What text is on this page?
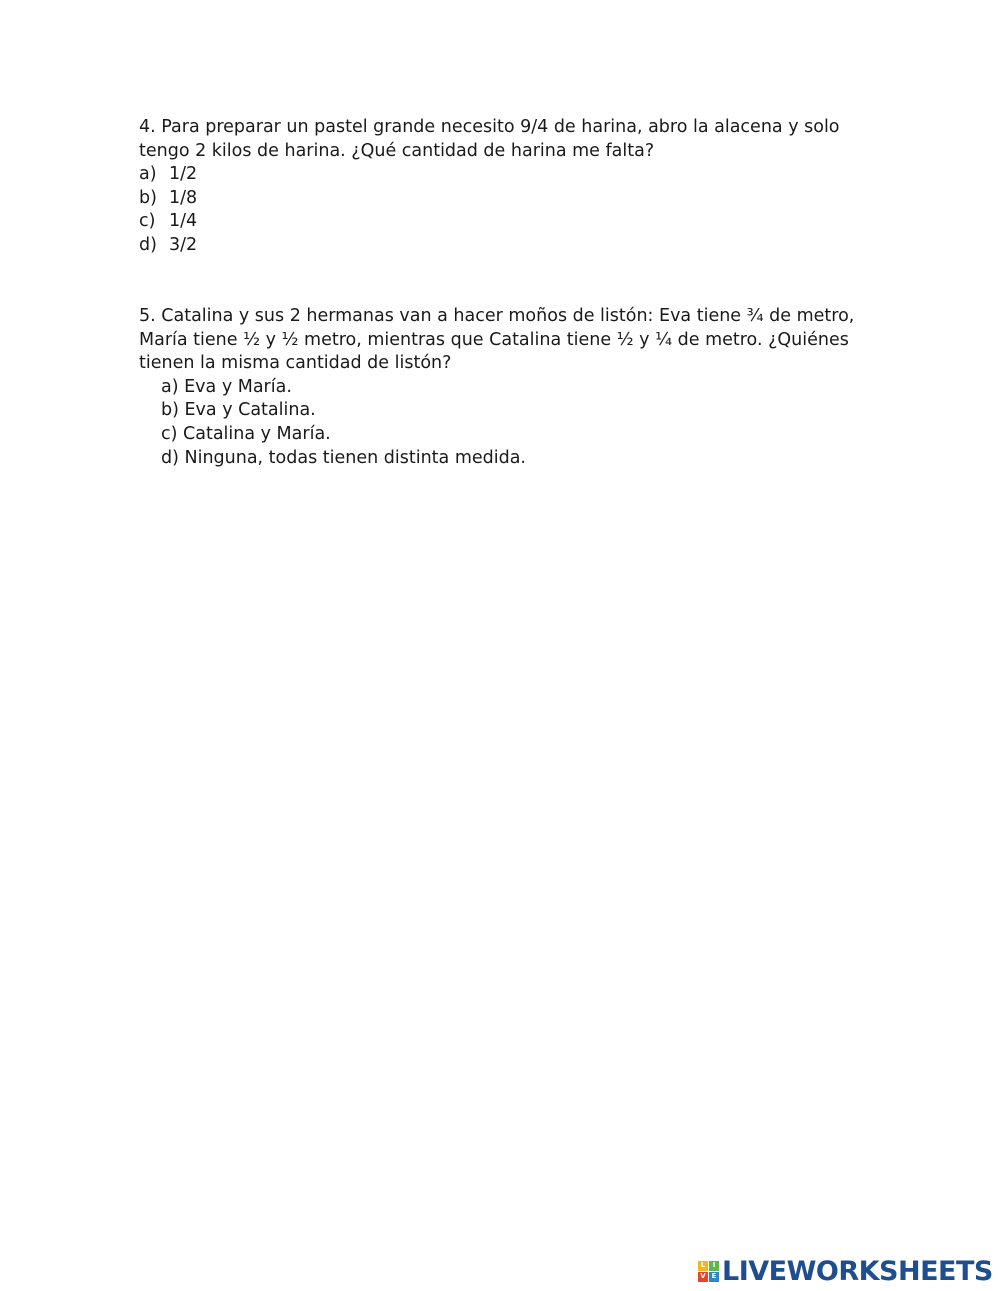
4. Para preparar un pastel grande necesito 9/4 de harina, abro la alacena y solo
tengo 2 kilos de harina. ¿Qué cantidad de harina me falta?
a) 1/2
b) 1/8
c) 1/4
d) 3/2
5. Catalina y sus 2 hermanas van a hacer moños de listón: Eva tiene ¾ de metro,
María tiene ½ y ½ metro, mientras que Catalina tiene ½ y ¼ de metro. ¿Quiénes
tienen la misma cantidad de listón?
a) Eva y María.
b) Eva y Catalina.
c) Catalina y María.
d) Ninguna, todas tienen distinta medida.
L	I
V E LIVEWORKSHEETS
